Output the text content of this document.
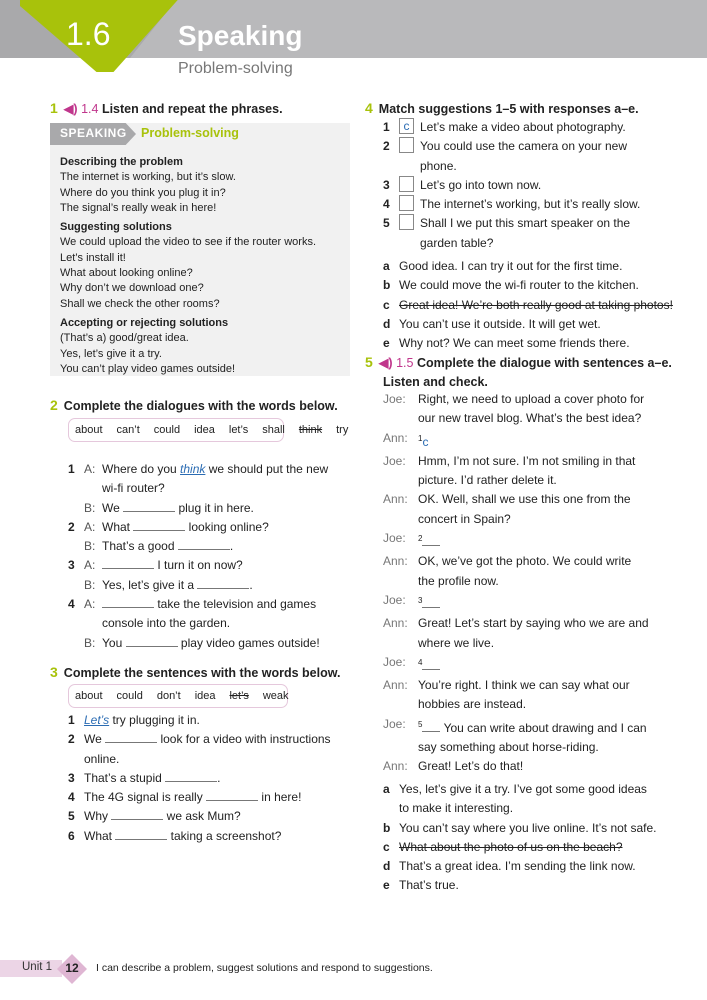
1.6 Speaking
Problem-solving
1 ◀) 1.4 Listen and repeat the phrases.
SPEAKING Problem-solving
Describing the problem
The internet is working, but it’s slow.
Where do you think you plug it in?
The signal’s really weak in here!
Suggesting solutions
We could upload the video to see if the router works.
Let’s install it!
What about looking online?
Why don’t we download one?
Shall we check the other rooms?
Accepting or rejecting solutions
(That’s a) good/great idea.
Yes, let’s give it a try.
You can’t play video games outside!
2 Complete the dialogues with the words below.
about can’t could idea let’s shall think try
1 A: Where do you think we should put the new
wi-fi router?
B: We	plug it in here.
2 A: What	looking online?
B: That’s a good	.
3 A:	I turn it on now?
B: Yes, let’s give it a	.
4 A:	take the television and games
console into the garden.
B: You	play video games outside!
3 Complete the sentences with the words below.
about could don’t idea let’s weak
1 Let’s try plugging it in.
2 We	look for a video with instructions
online.
3 That’s a stupid	.
4 The 4G signal is really	in here!
5 Why	we ask Mum?
6 What	taking a screenshot?
4 Match suggestions 1–5 with responses a–e.
1	c Let’s make a video about photography.
2	You could use the camera on your new
phone.
3	Let’s go into town now.
4	The internet’s working, but it’s really slow.
5	Shall I we put this smart speaker on the
garden table?
a Good idea. I can try it out for the first time.
b We could move the wi-fi router to the kitchen.
c Great idea! We’re both really good at taking photos!
d You can’t use it outside. It will get wet.
e Why not? We can meet some friends there.
5 ◀) 1.5 Complete the dialogue with sentences a–e.
Listen and check.
Joe:	Right, we need to upload a cover photo for
our new travel blog. What’s the best idea?
Ann:	$^1$c
Joe:	Hmm, I’m not sure. I’m not smiling in that
picture. I’d rather delete it.
Ann: OK. Well, shall we use this one from the
concert in Spain?
Joe:	$^2$
Ann: OK, we’ve got the photo. We could write
the profile now.
Joe:	$^3$
Ann: Great! Let’s start by saying who we are and
where we live.
Joe:	$^4$
Ann: You’re right. I think we can say what our
hobbies are instead.
Joe:	$^5$ You can write about drawing and I can
say something about horse-riding.
Ann: Great! Let’s do that!
a Yes, let’s give it a try. I’ve got some good ideas
to make it interesting.
b You can’t say where you live online. It’s not safe.
c What about the photo of us on the beach?
d That’s a great idea. I’m sending the link now.
e That’s true.
Unit 1	12	I can describe a problem, suggest solutions and respond to suggestions.
